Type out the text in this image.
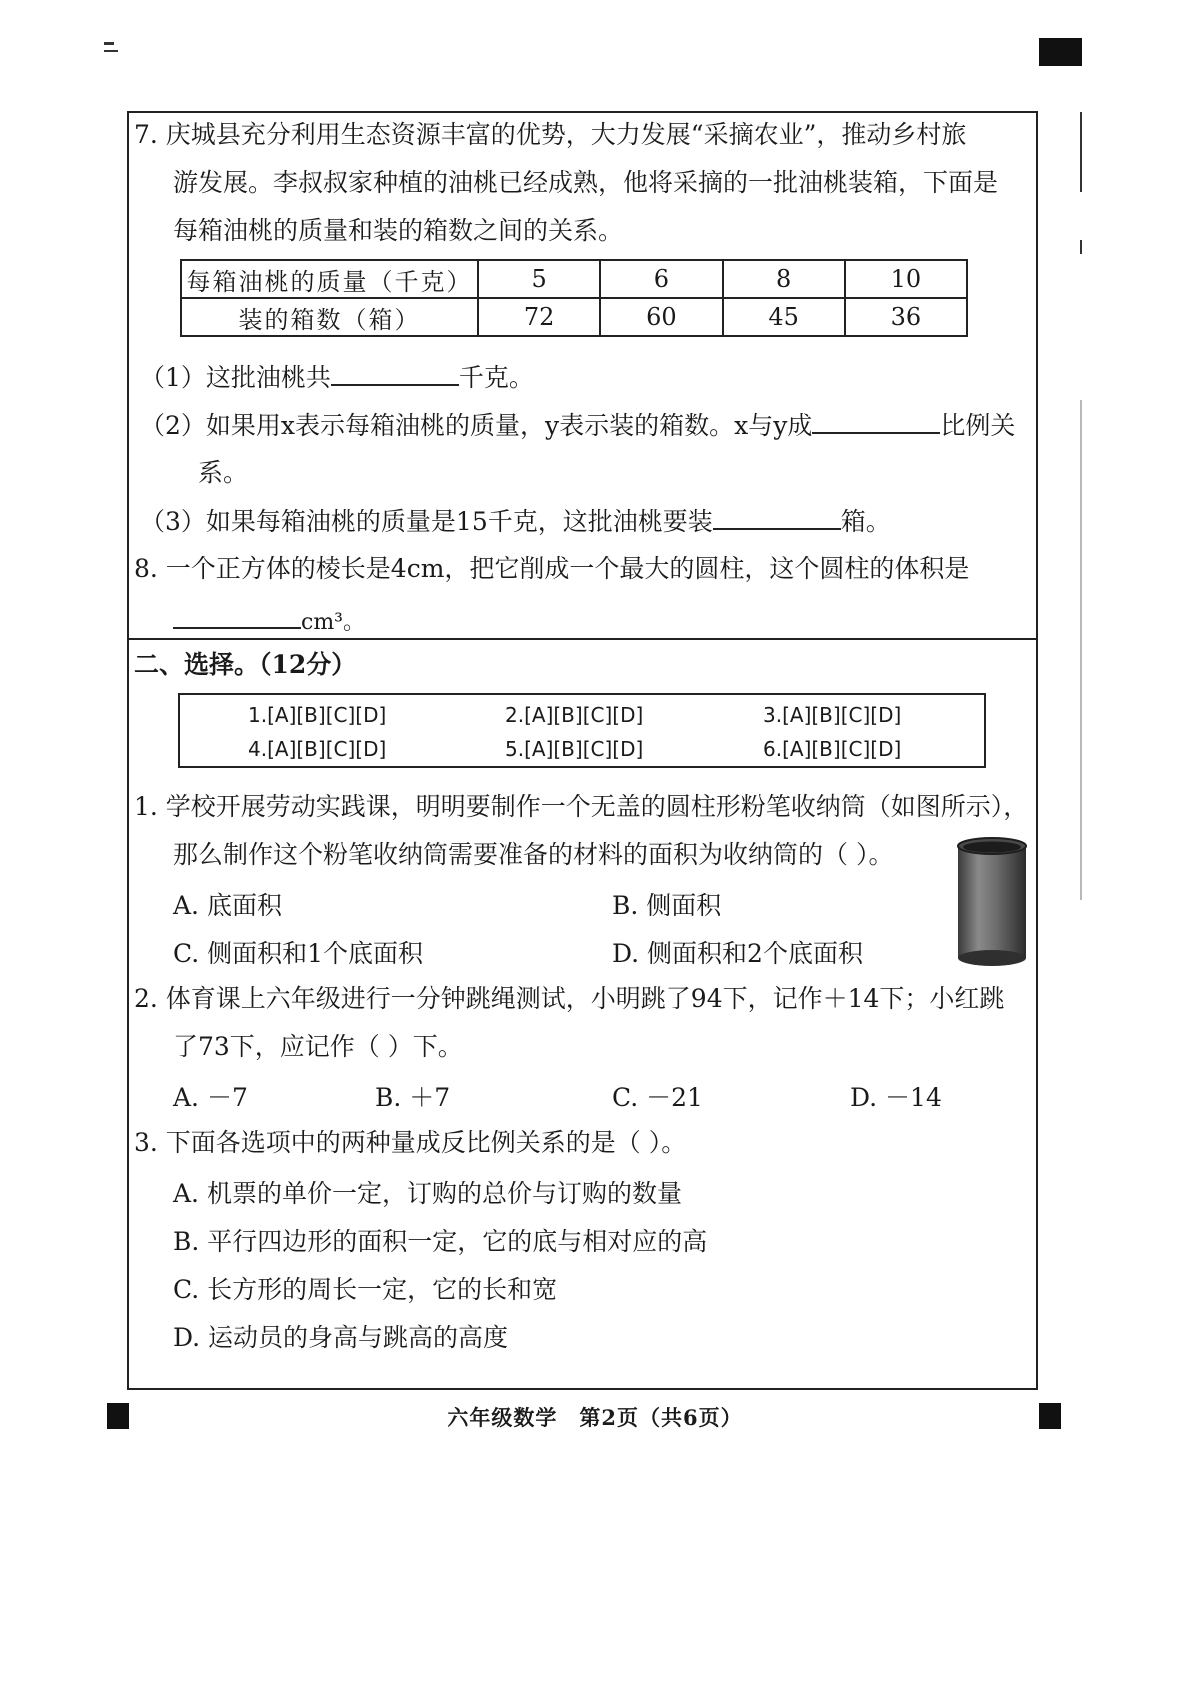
7. 庆城县充分利用生态资源丰富的优势，大力发展“采摘农业”，推动乡村旅
游发展。李叔叔家种植的油桃已经成熟，他将采摘的一批油桃装箱，下面是
每箱油桃的质量和装的箱数之间的关系。
每箱油桃的质量（千克）	5	6	8	10
装的箱数（箱）	72	60	45	36
（1）这批油桃共	千克。
（2）如果用x表示每箱油桃的质量，y表示装的箱数。x与y成	比例关
系。
（3）如果每箱油桃的质量是15千克，这批油桃要装	箱。
8. 一个正方体的棱长是4cm，把它削成一个最大的圆柱，这个圆柱的体积是
cm³。
二、选择。（12分）
1.[A][B][C][D]	2.[A][B][C][D]	3.[A][B][C][D]
4.[A][B][C][D]	5.[A][B][C][D]	6.[A][B][C][D]
1. 学校开展劳动实践课，明明要制作一个无盖的圆柱形粉笔收纳筒（如图所示），
那么制作这个粉笔收纳筒需要准备的材料的面积为收纳筒的（ ）。
A. 底面积	B. 侧面积
C. 侧面积和1个底面积	D. 侧面积和2个底面积
2. 体育课上六年级进行一分钟跳绳测试，小明跳了94下，记作＋14下；小红跳
了73下，应记作（ ）下。
A. －7	B. ＋7	C. －21	D. －14
3. 下面各选项中的两种量成反比例关系的是（ ）。
A. 机票的单价一定，订购的总价与订购的数量
B. 平行四边形的面积一定，它的底与相对应的高
C. 长方形的周长一定，它的长和宽
D. 运动员的身高与跳高的高度
六年级数学　第2页（共6页）
